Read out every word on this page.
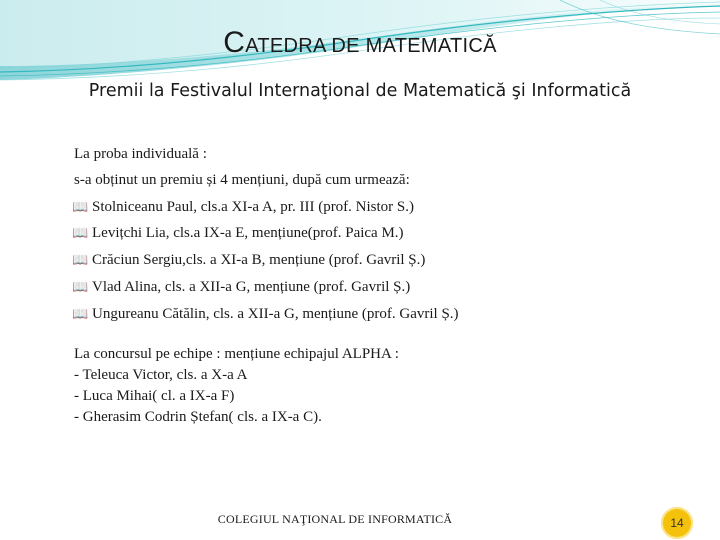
CATEDRA DE MATEMATICĂ
Premii la Festivalul Internaţional de Matematică şi Informatică

La proba individuală :

s-a obținut un premiu și 4 mențiuni, după cum urmează:

📖 Stolniceanu Paul, cls.a XI-a A, pr. III (prof. Nistor S.)

📖 Levițchi Lia, cls.a IX-a E, mențiune(prof. Paica M.)

📖 Crăciun Sergiu,cls. a XI-a B, mențiune (prof. Gavril Ș.)

📖 Vlad Alina, cls. a XII-a G, mențiune (prof. Gavril Ș.)

📖 Ungureanu Cătălin, cls. a XII-a G, mențiune (prof. Gavril Ș.)

La concursul pe echipe : mențiune echipajul ALPHA :

- Teleuca Victor, cls. a X-a A

- Luca Mihai( cl. a IX-a F)

- Gherasim Codrin Ștefan( cls. a IX-a C).

COLEGIUL NAŢIONAL DE INFORMATICĂ	14
